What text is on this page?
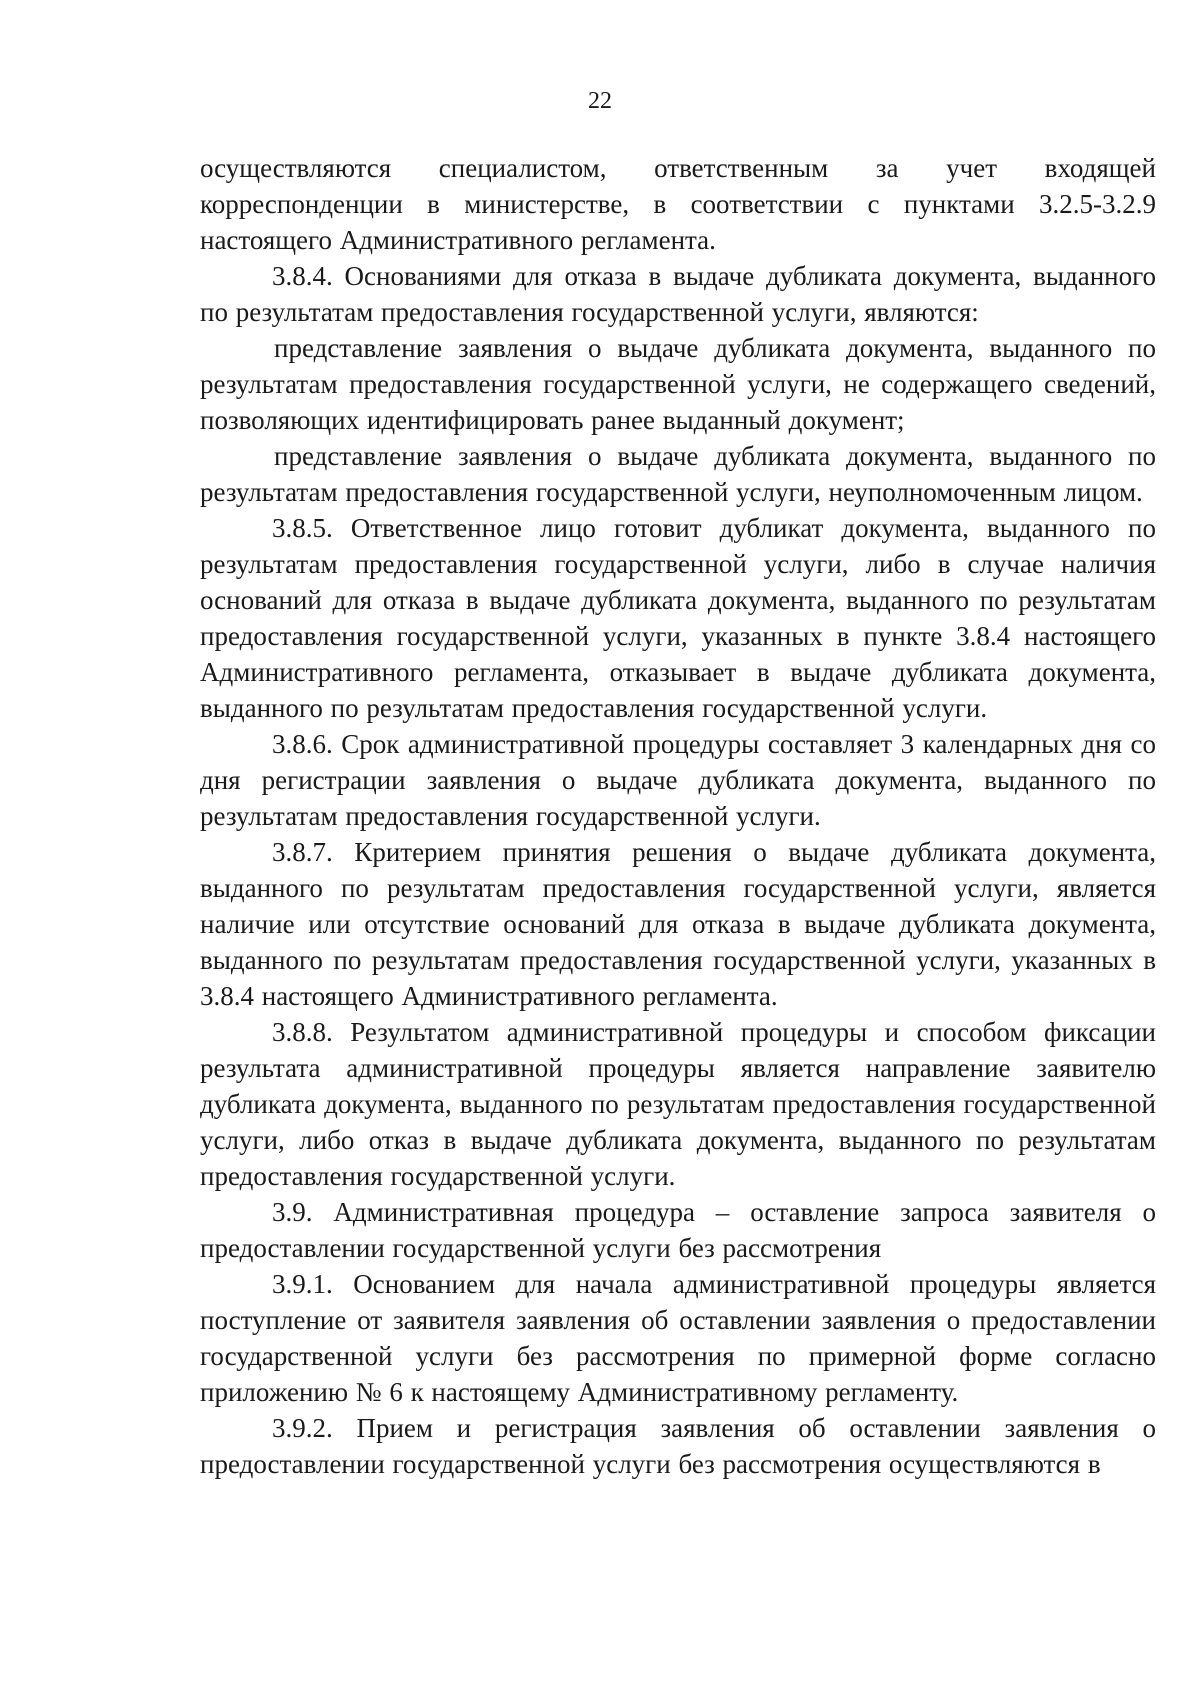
22

осуществляются специалистом, ответственным за учет входящей корреспонденции в министерстве, в соответствии с пунктами 3.2.5-3.2.9 настоящего Административного регламента.

3.8.4. Основаниями для отказа в выдаче дубликата документа, выданного по результатам предоставления государственной услуги, являются:

представление заявления о выдаче дубликата документа, выданного по результатам предоставления государственной услуги, не содержащего сведений, позволяющих идентифицировать ранее выданный документ;

представление заявления о выдаче дубликата документа, выданного по результатам предоставления государственной услуги, неуполномоченным лицом.

3.8.5. Ответственное лицо готовит дубликат документа, выданного по результатам предоставления государственной услуги, либо в случае наличия оснований для отказа в выдаче дубликата документа, выданного по результатам предоставления государственной услуги, указанных в пункте 3.8.4 настоящего Административного регламента, отказывает в выдаче дубликата документа, выданного по результатам предоставления государственной услуги.

3.8.6. Срок административной процедуры составляет 3 календарных дня со дня регистрации заявления о выдаче дубликата документа, выданного по результатам предоставления государственной услуги.

3.8.7. Критерием принятия решения о выдаче дубликата документа, выданного по результатам предоставления государственной услуги, является наличие или отсутствие оснований для отказа в выдаче дубликата документа, выданного по результатам предоставления государственной услуги, указанных в 3.8.4 настоящего Административного регламента.

3.8.8. Результатом административной процедуры и способом фиксации результата административной процедуры является направление заявителю дубликата документа, выданного по результатам предоставления государственной услуги, либо отказ в выдаче дубликата документа, выданного по результатам предоставления государственной услуги.

3.9. Административная процедура – оставление запроса заявителя о предоставлении государственной услуги без рассмотрения

3.9.1. Основанием для начала административной процедуры является поступление от заявителя заявления об оставлении заявления о предоставлении государственной услуги без рассмотрения по примерной форме согласно приложению № 6 к настоящему Административному регламенту.

3.9.2. Прием и регистрация заявления об оставлении заявления о предоставлении государственной услуги без рассмотрения осуществляются в
